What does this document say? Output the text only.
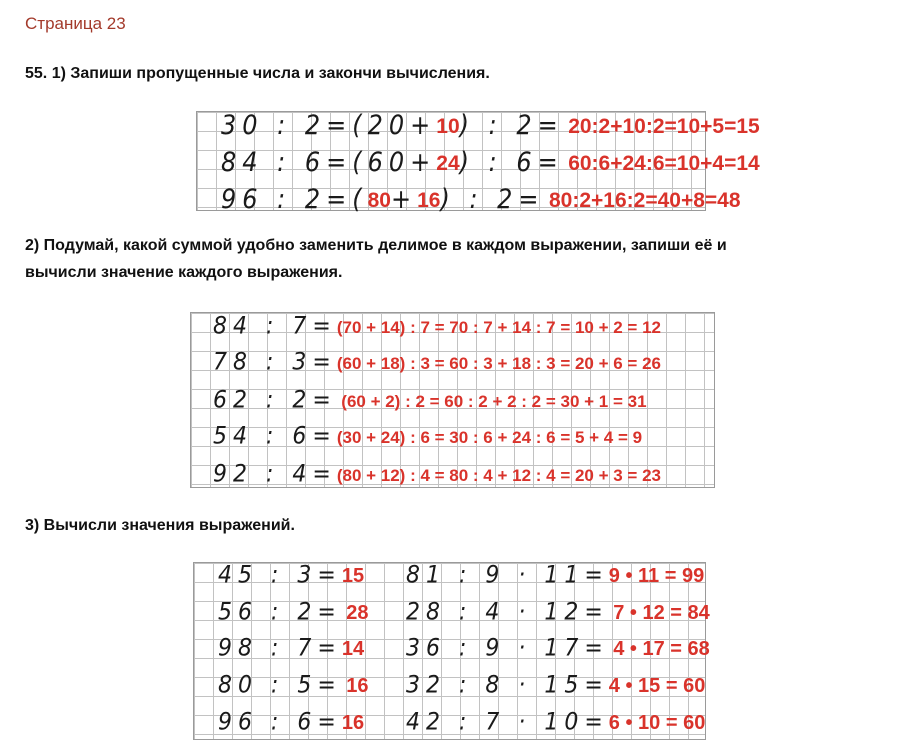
Страница 23
55. 1) Запиши пропущенные числа и закончи вычисления.
30 : 2=(20+10) : 2= 20:2+10:2=10+5=15
84 : 6=(60+24) : 6= 60:6+24:6=10+4=14
96 : 2=(80+16) : 2= 80:2+16:2=40+8=48
2) Подумай, какой суммой удобно заменить делимое в каждом выражении, запиши её и
вычисли значение каждого выражения.
84 : 7=(70 + 14) : 7 = 70 : 7 + 14 : 7 = 10 + 2 = 12
78 : 3=(60 + 18) : 3 = 60 : 3 + 18 : 3 = 20 + 6 = 26
62 : 2= (60 + 2) : 2 = 60 : 2 + 2 : 2 = 30 + 1 = 31
54 : 6=(30 + 24) : 6 = 30 : 6 + 24 : 6 = 5 + 4 = 9
92 : 4=(80 + 12) : 4 = 80 : 4 + 12 : 4 = 20 + 3 = 23
3) Вычисли значения выражений.
45 : 3=15
56 : 2= 28
98 : 7=14
80 : 5= 16
96 : 6=16
81 : 9 · 11=9 • 11 = 99
28 : 4 · 12= 7 • 12 = 84
36 : 9 · 17= 4 • 17 = 68
32 : 8 · 15=4 • 15 = 60
42 : 7 · 10=6 • 10 = 60
